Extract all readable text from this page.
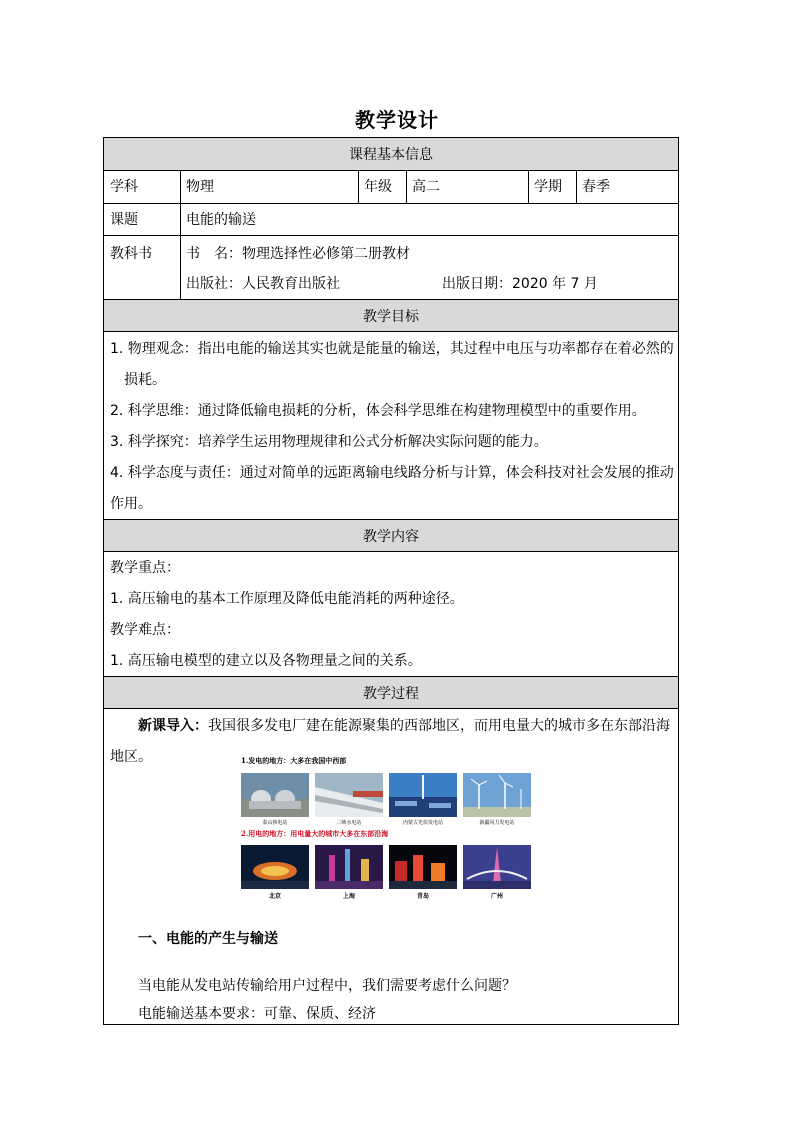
教学设计
课程基本信息
学科	物理	年级 高二	学期 春季
课题	电能的输送
教科书 书　名：物理选择性必修第二册教材
出版社：人民教育出版社	出版日期：2020 年 7 月
教学目标
1. 物理观念：指出电能的输送其实也就是能量的输送，其过程中电压与功率都存在着必然的
损耗。
2. 科学思维：通过降低输电损耗的分析，体会科学思维在构建物理模型中的重要作用。
3. 科学探究：培养学生运用物理规律和公式分析解决实际问题的能力。
4. 科学态度与责任：通过对简单的远距离输电线路分析与计算，体会科技对社会发展的推动
作用。
教学内容
教学重点：
1. 高压输电的基本工作原理及降低电能消耗的两种途径。
教学难点：
1. 高压输电模型的建立以及各物理量之间的关系。
教学过程
新课导入：我国很多发电厂建在能源聚集的西部地区，而用电量大的城市多在东部沿海
地区。	1.发电的地方：大多在我国中西部
泰山核电站	三峡水电站	内蒙古光伏发电站	新疆风力发电站
2.用电的地方：用电量大的城市大多在东部沿海
北京	上海	青岛	广州
一、电能的产生与输送
当电能从发电站传输给用户过程中，我们需要考虑什么问题？
电能输送基本要求：可靠、保质、经济
